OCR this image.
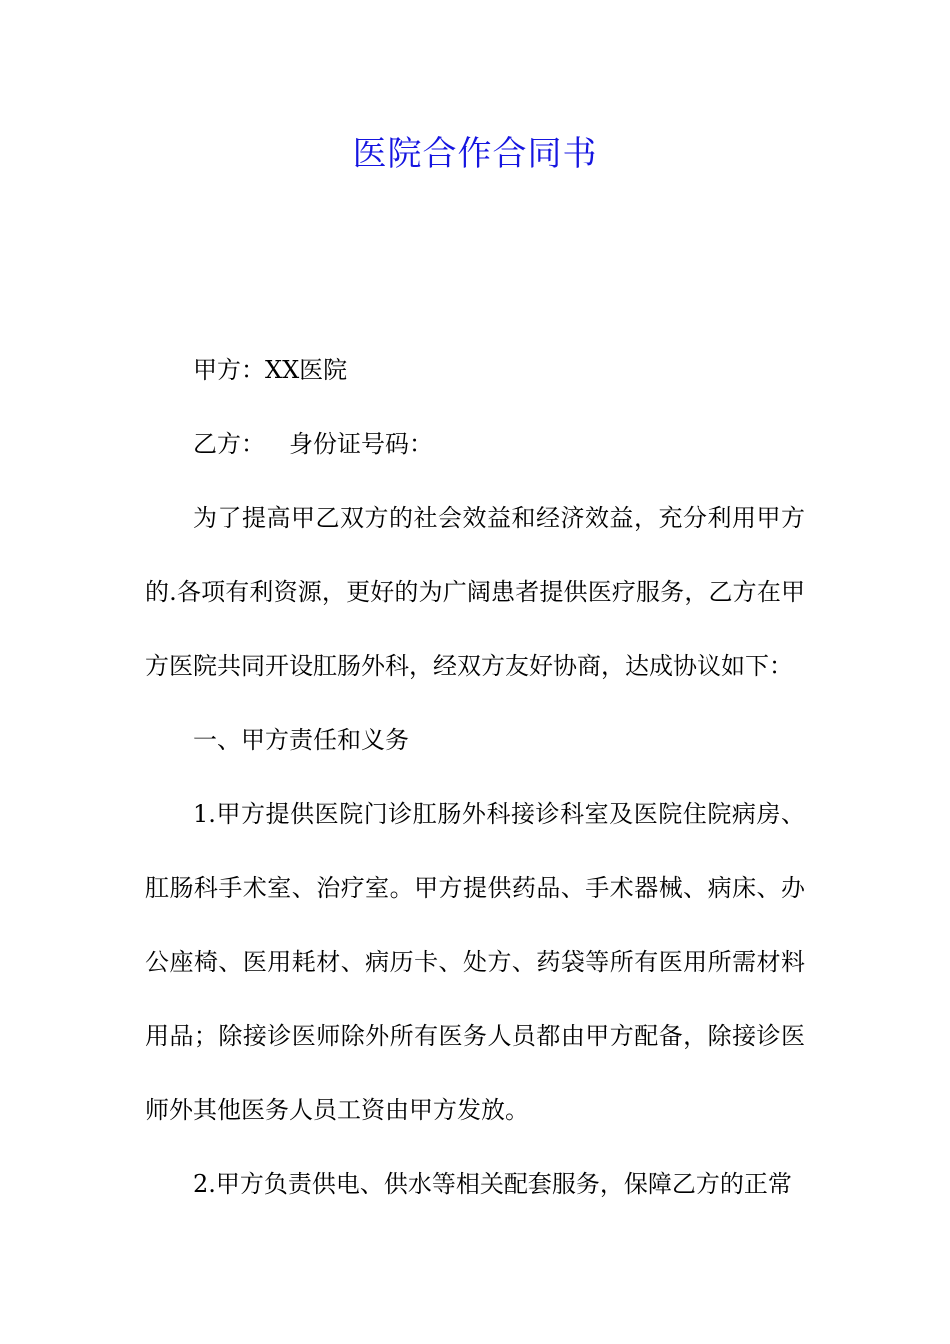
医院合作合同书

甲方：XX医院

乙方： 身份证号码：

为了提高甲乙双方的社会效益和经济效益，充分利用甲方的.各项有利资源，更好的为广阔患者提供医疗服务，乙方在甲方医院共同开设肛肠外科，经双方友好协商，达成协议如下：

一、甲方责任和义务

1.甲方提供医院门诊肛肠外科接诊科室及医院住院病房、肛肠科手术室、治疗室。甲方提供药品、手术器械、病床、办公座椅、医用耗材、病历卡、处方、药袋等所有医用所需材料用品；除接诊医师除外所有医务人员都由甲方配备，除接诊医师外其他医务人员工资由甲方发放。

2.甲方负责供电、供水等相关配套服务，保障乙方的正常
